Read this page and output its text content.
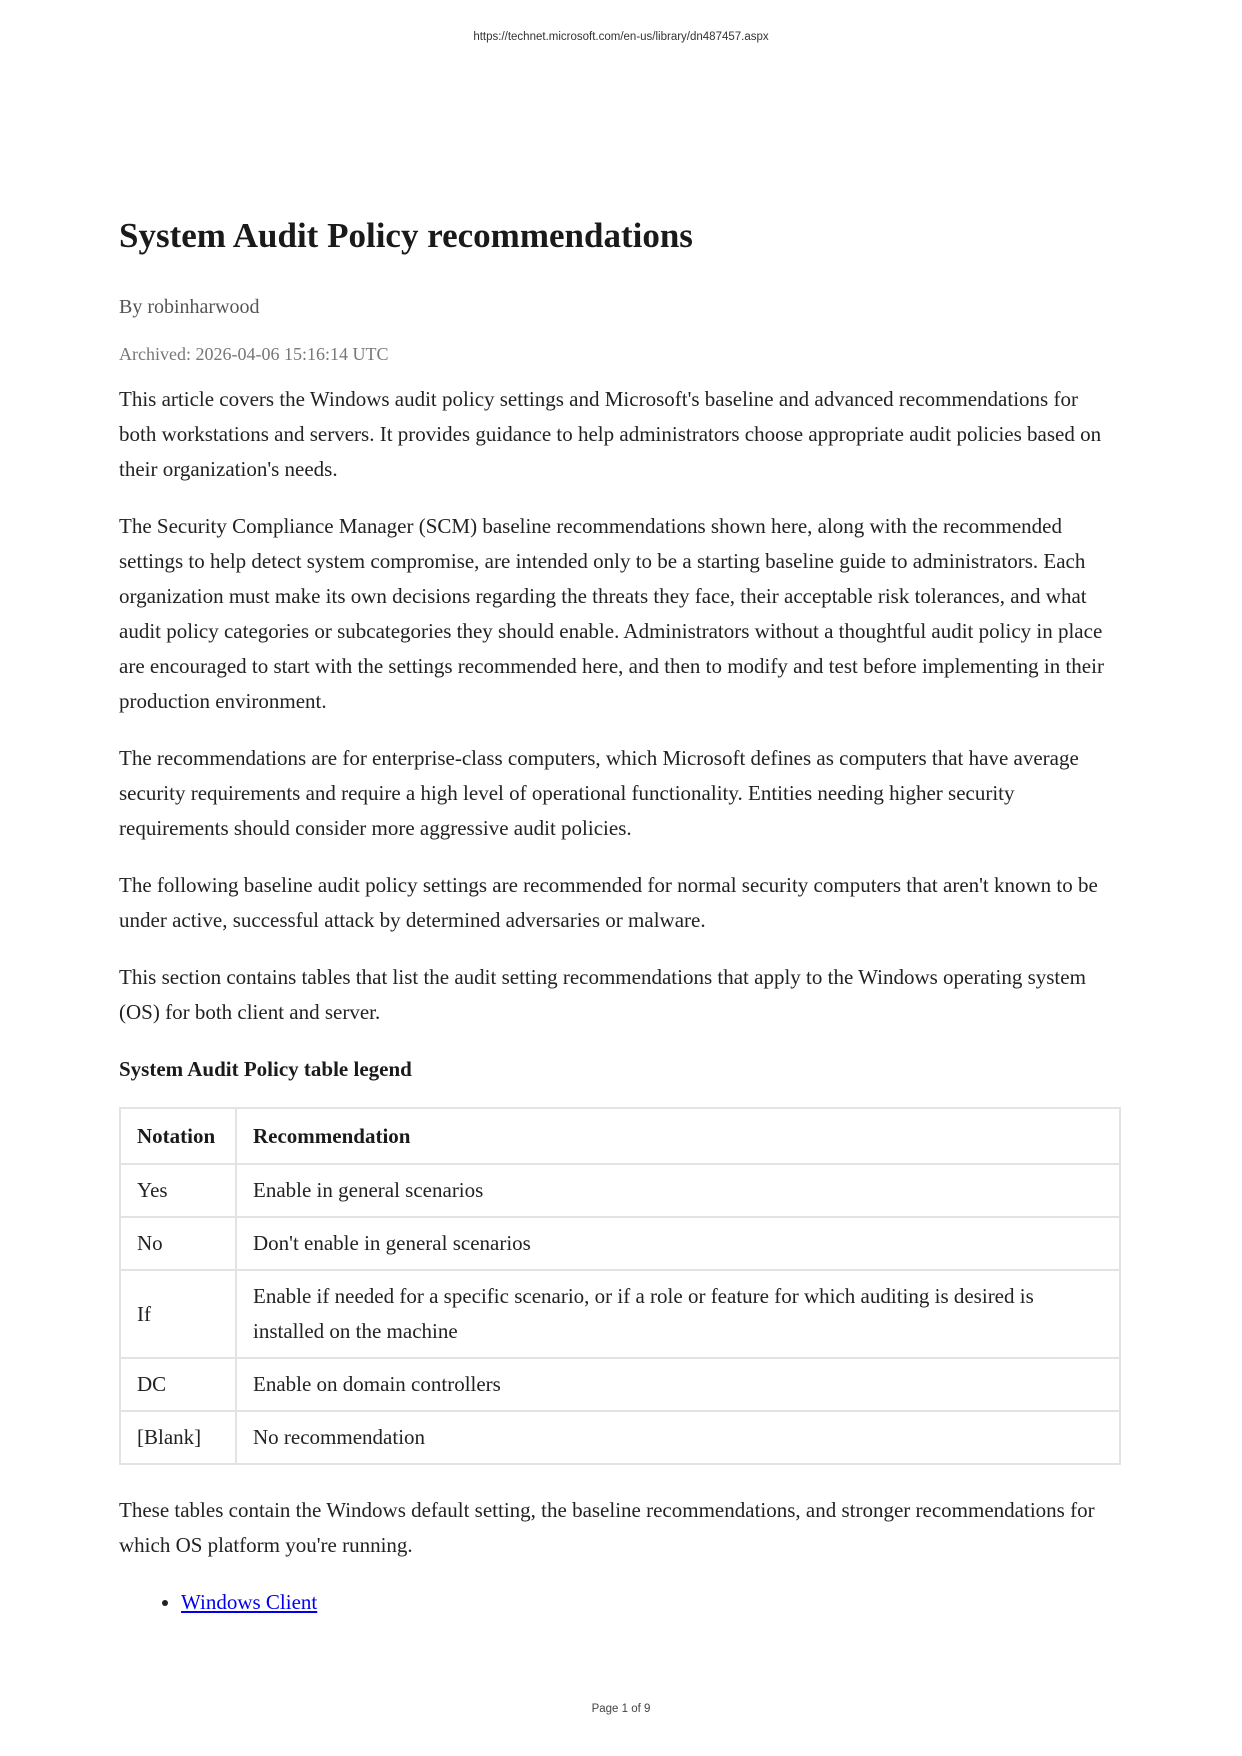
https://technet.microsoft.com/en-us/library/dn487457.aspx
System Audit Policy recommendations
By robinharwood
Archived: 2026-04-06 15:16:14 UTC

This article covers the Windows audit policy settings and Microsoft's baseline and advanced recommendations for both workstations and servers. It provides guidance to help administrators choose appropriate audit policies based on their organization's needs.

The Security Compliance Manager (SCM) baseline recommendations shown here, along with the recommended settings to help detect system compromise, are intended only to be a starting baseline guide to administrators. Each organization must make its own decisions regarding the threats they face, their acceptable risk tolerances, and what audit policy categories or subcategories they should enable. Administrators without a thoughtful audit policy in place are encouraged to start with the settings recommended here, and then to modify and test before implementing in their production environment.

The recommendations are for enterprise-class computers, which Microsoft defines as computers that have average security requirements and require a high level of operational functionality. Entities needing higher security requirements should consider more aggressive audit policies.

The following baseline audit policy settings are recommended for normal security computers that aren't known to be under active, successful attack by determined adversaries or malware.

This section contains tables that list the audit setting recommendations that apply to the Windows operating system (OS) for both client and server.

System Audit Policy table legend
Notation	Recommendation
Yes	Enable in general scenarios
No	Don't enable in general scenarios
If	Enable if needed for a specific scenario, or if a role or feature for which auditing is desired is installed on the machine
DC	Enable on domain controllers
[Blank]	No recommendation

These tables contain the Windows default setting, the baseline recommendations, and stronger recommendations for which OS platform you're running.

• Windows Client
Page 1 of 9
